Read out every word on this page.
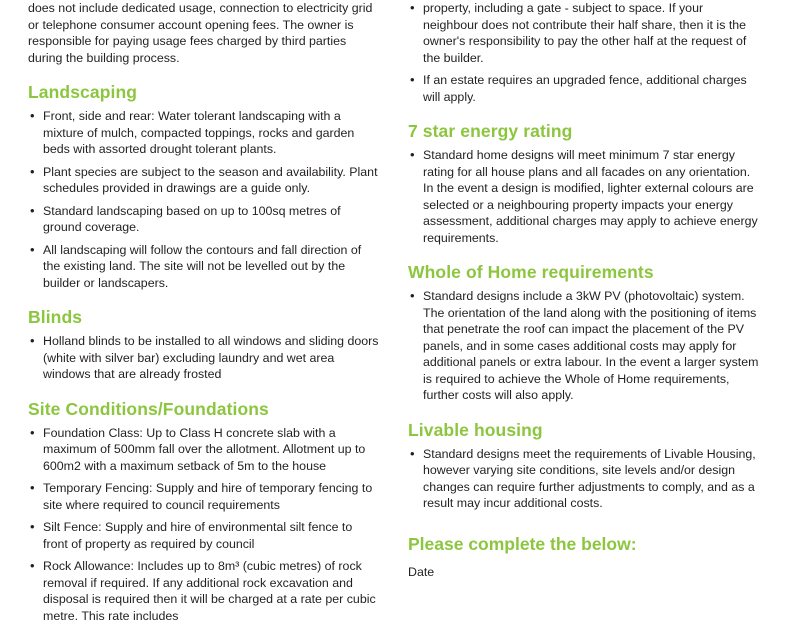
does not include dedicated usage, connection to electricity grid or telephone consumer account opening fees. The owner is responsible for paying usage fees charged by third parties during the building process.

Landscaping
• Front, side and rear: Water tolerant landscaping with a mixture of mulch, compacted toppings, rocks and garden beds with assorted drought tolerant plants.
• Plant species are subject to the season and availability. Plant schedules provided in drawings are a guide only.
• Standard landscaping based on up to 100sq metres of ground coverage.
• All landscaping will follow the contours and fall direction of the existing land. The site will not be levelled out by the builder or landscapers.
Blinds
• Holland blinds to be installed to all windows and sliding doors (white with silver bar) excluding laundry and wet area windows that are already frosted
Site Conditions/Foundations
• Foundation Class: Up to Class H concrete slab with a maximum of 500mm fall over the allotment. Allotment up to 600m2 with a maximum setback of 5m to the house
• Temporary Fencing: Supply and hire of temporary fencing to site where required to council requirements
• Silt Fence: Supply and hire of environmental silt fence to front of property as required by council
• Rock Allowance: Includes up to 8m³ (cubic metres) of rock removal if required. If any additional rock excavation and disposal is required then it will be charged at a rate per cubic metre. This rate includes
• property, including a gate - subject to space. If your neighbour does not contribute their half share, then it is the owner's responsibility to pay the other half at the request of the builder.
• If an estate requires an upgraded fence, additional charges will apply.
7 star energy rating
• Standard home designs will meet minimum 7 star energy rating for all house plans and all facades on any orientation. In the event a design is modified, lighter external colours are selected or a neighbouring property impacts your energy assessment, additional charges may apply to achieve energy requirements.
Whole of Home requirements
• Standard designs include a 3kW PV (photovoltaic) system. The orientation of the land along with the positioning of items that penetrate the roof can impact the placement of the PV panels, and in some cases additional costs may apply for additional panels or extra labour. In the event a larger system is required to achieve the Whole of Home requirements, further costs will also apply.
Livable housing
• Standard designs meet the requirements of Livable Housing, however varying site conditions, site levels and/or design changes can require further adjustments to comply, and as a result may incur additional costs.
Please complete the below:

Date
